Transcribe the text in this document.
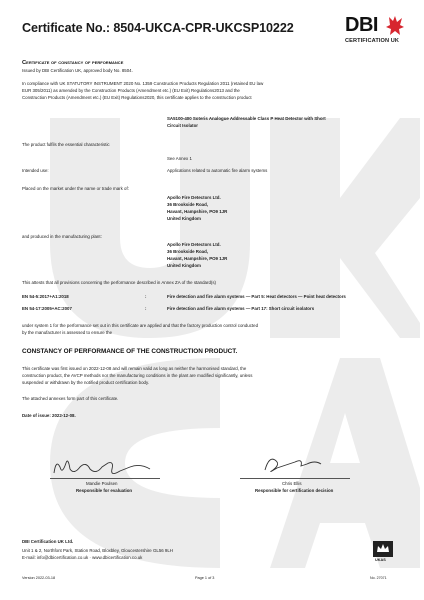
Certificate No.: 8504-UKCA-CPR-UKCSP10222	DBI
CERTIFICATION UK
Certificate of constancy of performance
Issued by DBI Certification UK, approved body No. 8504.
In compliance with UK STATUTORY INSTRUMENT 2020 No. 1359 Construction Products Regulation 2011 (retained EU law
EUR 305/2011) as amended by the Construction Products (Amendment etc.) (EU Exit) Regulations2013 and the
Construction Products (Amendment etc.) (EU Exit) Regulations2020, this certificate applies to the construction product
SA5100-400 Soteris Analogue Addressable Class P Heat Detector with Short
Circuit Isolator
The product fulfils the essential characteristic
See Annex 1
Intended use:	Applications related to automatic fire alarm systems
Placed on the market under the name or trade mark of:
Apollo Fire Detectors Ltd.
36 Brookside Road,
Havant, Hampshire, PO9 1JR
United Kingdom
and produced in the manufacturing plant:
Apollo Fire Detectors Ltd.
36 Brookside Road,
Havant, Hampshire, PO9 1JR
United Kingdom
This attests that all provisions concerning the performance described in Annex ZA of the standard(s)
EN 54-5:2017+A1:2018	:	Fire detection and fire alarm systems — Part 5: Heat detectors — Point heat detectors
EN 54-17:2005+AC:2007	:	Fire detection and fire alarm systems — Part 17: Short circuit isolators
under system 1 for the performance set out in this certificate are applied and that the factory production control conducted
by the manufacturer is assessed to ensure the
CONSTANCY OF PERFORMANCE OF THE CONSTRUCTION PRODUCT.
This certificate was first issued on 2022-12-08 and will remain valid as long as neither the harmonised standard, the
construction product, the AVCP methods nor the manufacturing conditions in the plant are modified significantly, unless
suspended or withdrawn by the notified product certification body.
The attached annexes form part of this certificate.
Date of issue: 2022-12-08.
Mandie Poulsen
Responsible for evaluation
Chris Ellis
Responsible for certification decision
DBI Certification UK Ltd.
Unit 1 & 2, Northfont Park, Station Road, Bloxbley, Gloucestershire GL56 9LH
E-mail: info@dbicertification.co.uk · www.dbicertification.co.uk
Version 2022-03-18	Page 1 of 3
UKAS
No. 27071
